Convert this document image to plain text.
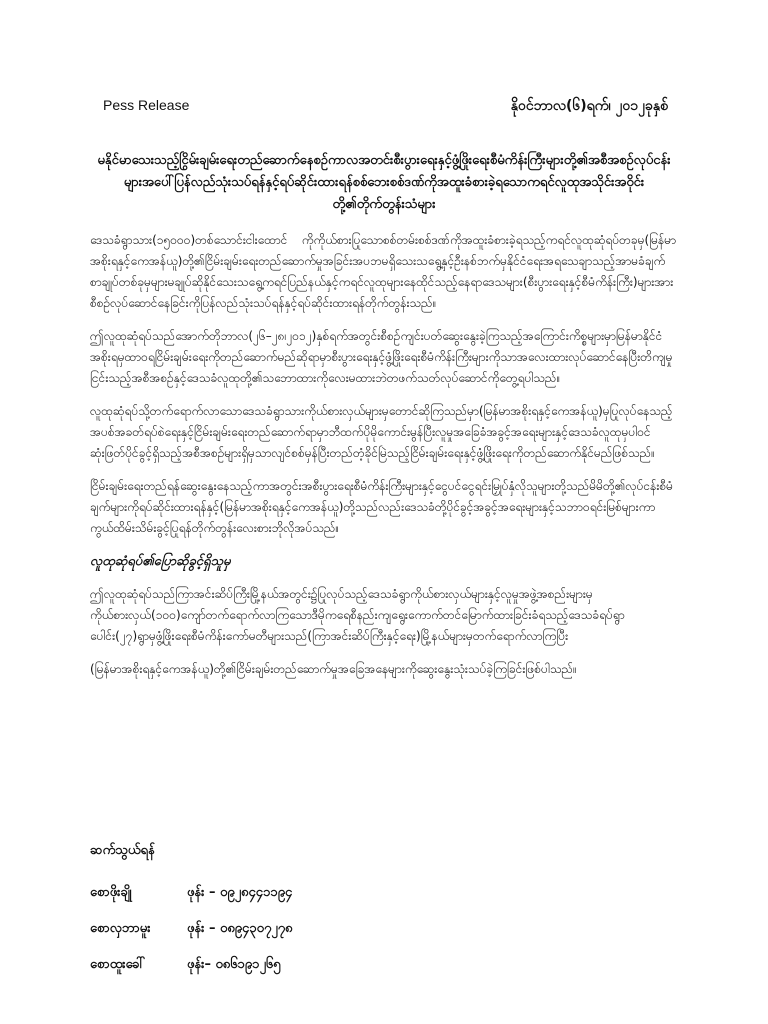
Pess Release	နိုဝင်ဘာလ(၆)ရက်၊ ၂၀၁၂ခုနှစ်
မနိုင်မာသေးသည့်ငြိမ်းချမ်းရေးတည်ဆောက်နေစဉ်ကာလအတွင်းစီးပွားရေးနှင့်ဖွံ့ဖြိုးရေးစီမံကိန်းကြီးများတို့၏အစီအစဉ်လုပ်ငန်းများအပေါ်ပြန်လည်သုံးသပ်ရန်နှင့်ရပ်ဆိုင်းထားရန်စစ်ဘေးစစ်ဒဏ်ကိုအထူးခံစားခဲ့ရသောကရင်လူထုအသိုင်းအဝိုင်းတို့၏တိုက်တွန်းသံများ

ဒေသခံရွာသား(၁၅၀၀၀)တစ်သောင်းငါးထောင် ကိုကိုယ်စားပြုသောစစ်တမ်းစစ်ဒဏ်ကိုအထူးခံစားခဲ့ရသည့်ကရင်လူထုဆုံရပ်တခုမှ(မြန်မာအစိုးရနှင့်ကေအန်ယူ)တို့၏ငြိမ်းချမ်းရေးတည်ဆောက်မှုအခြင်းအပဘမရှိသေးသရွေ့နှင့်ဦးနစ်ဘက်မှနိုင်ငံရေးအရသေချာသည့်အာမခံချက်စာချုပ်တစ်ခုမှများမချုပ်ဆိုနိုင်သေးသရွေ့ကရင်ပြည်နယ်နှင့်ကရင်လူထုများနေထိုင်သည့်နေရာဒေသများ(စီးပွားရေးနှင့်စီမံကိန်းကြီး)များအားစီစဉ်လုပ်ဆောင်နေခြင်းကိုပြန်လည်သုံးသပ်ရန်နှင့်ရပ်ဆိုင်းထားရန်တိုက်တွန်းသည်။

ဤလူထုဆုံရပ်သည်အောက်တိုဘာလ(၂၆–၂၈၊၂၀၁၂)နှစ်ရက်အတွင်းစီစဉ်ကျင်းပတ်ဆွေးနွေးခဲ့ကြသည့်အကြောင်းကိစ္စများမှာမြန်မာနိုင်ငံအစိုးရမှထာဝရငြိမ်းချမ်းရေးကိုတည်ဆောက်မည်ဆိုရာမှာစီးပွားရေးနှင့်ဖွံ့ဖြိုးရေးစီမံကိန်းကြီးများကိုသာအလေးထားလုပ်ဆောင်နေပြီးတိကျမှုငြင်းသည့်အစီအစဉ်နှင့်ဒေသခံလူထုတို့၏သဘောထားကိုလေးမထားဘဲတဖက်သတ်လုပ်ဆောင်ကိုတွေ့ရပါသည်။

လူထုဆုံရပ်သို့တက်ရောက်လာသောဒေသခံရွာသားကိုယ်စားလှယ်များမှတောင်ဆိုကြသည်မှာ(မြန်မာအစိုးရနှင့်ကေအန်ယူ)မှပြုလုပ်နေသည့်အပစ်အခတ်ရပ်စဲရေးနှင့်ငြိမ်းချမ်းရေးတည်ဆောက်ရာမှာဘီထက်ပိုမိုကောင်းမွန်ပြီးလူမှုအခြေခံအခွင့်အရေးများနှင့်ဒေသခံလူထုမှပါဝင်ဆုံးဖြတ်ပိုင်ခွင့်ရှိသည့်အစီအစဉ်များရှိမှသာလျင်စစ်မှန်ပြီးတည်တံ့ခိုင်မြဲသည့်ငြိမ်းချမ်းရေးနှင့်ဖွံ့ဖြိုးရေးကိုတည်ဆောက်နိုင်မည်ဖြစ်သည်။

ငြိမ်းချမ်းရေးတည်ရန်ဆွေးနွေးနေသည့်ကာအတွင်းအစီးပွားရေးစီမံကိန်းကြီးများနှင့်ငွေပင်ငွေရင်းမြှုပ်နှံလိုသူများတို့သည်မိမိတို့၏လုပ်ငန်းစီမံချက်များကိုရပ်ဆိုင်းထားရန်နှင့်(မြန်မာအစိုးရနှင့်ကေအန်ယူ)တို့သည်လည်းဒေသခံတို့ပိုင်ခွင့်အခွင့်အရေးများနှင့်သဘာဝရင်းမြစ်များကာကွယ်ထိမ်းသိမ်းခွင့်ပြုရန်တိုက်တွန်းလေးစားဘိုလိုအပ်သည်။

လူထုဆုံရပ်၏ပြောဆိုခွင့်ရှိသူမှ

ဤလူထုဆုံရပ်သည်ကြာအင်းဆိပ်ကြီးမြို့နယ်အတွင်း၌ပြုလုပ်သည့်ဒေသခံရွာကိုယ်စားလှယ်များနှင့်လူမှုအဖွဲ့အစည်းများမှကိုယ်စားလှယ်(၁၀၀)ကျော်တက်ရောက်လာကြသောဒီမိုကရေစီနည်းကျရွေးကောက်တင်မြောက်ထားခြင်းခံရသည့်ဒေသခံရပ်ရွာပေါင်း(၂၇)ရွာမှဖွံ့ဖြိုးရေးစီမံကိန်းကော်မတီများသည်(ကြာအင်းဆိပ်ကြီးနှင့်ရေး)မြို့နယ်များမှတက်ရောက်လာကြပြီး

(မြန်မာအစိုးရနှင့်ကေအန်ယူ)တို့၏ငြိမ်းချမ်းတည်ဆောက်မှုအခြေအနေများကိုဆွေးနွေးသုံးသပ်ခဲ့ကြခြင်းဖြစ်ပါသည်။

ဆက်သွယ်ရန်
စောဖိုးချို	ဖုန်း – ၀၉၂၈၄၄၁၁၉၄
စောလှဘာမူး	ဖုန်း – ၀၈၉၄၃၀၇၂၇၈
စောထူးခေါ်	ဖုန်း– ၀၈၆၁၉၁၂၆၅
